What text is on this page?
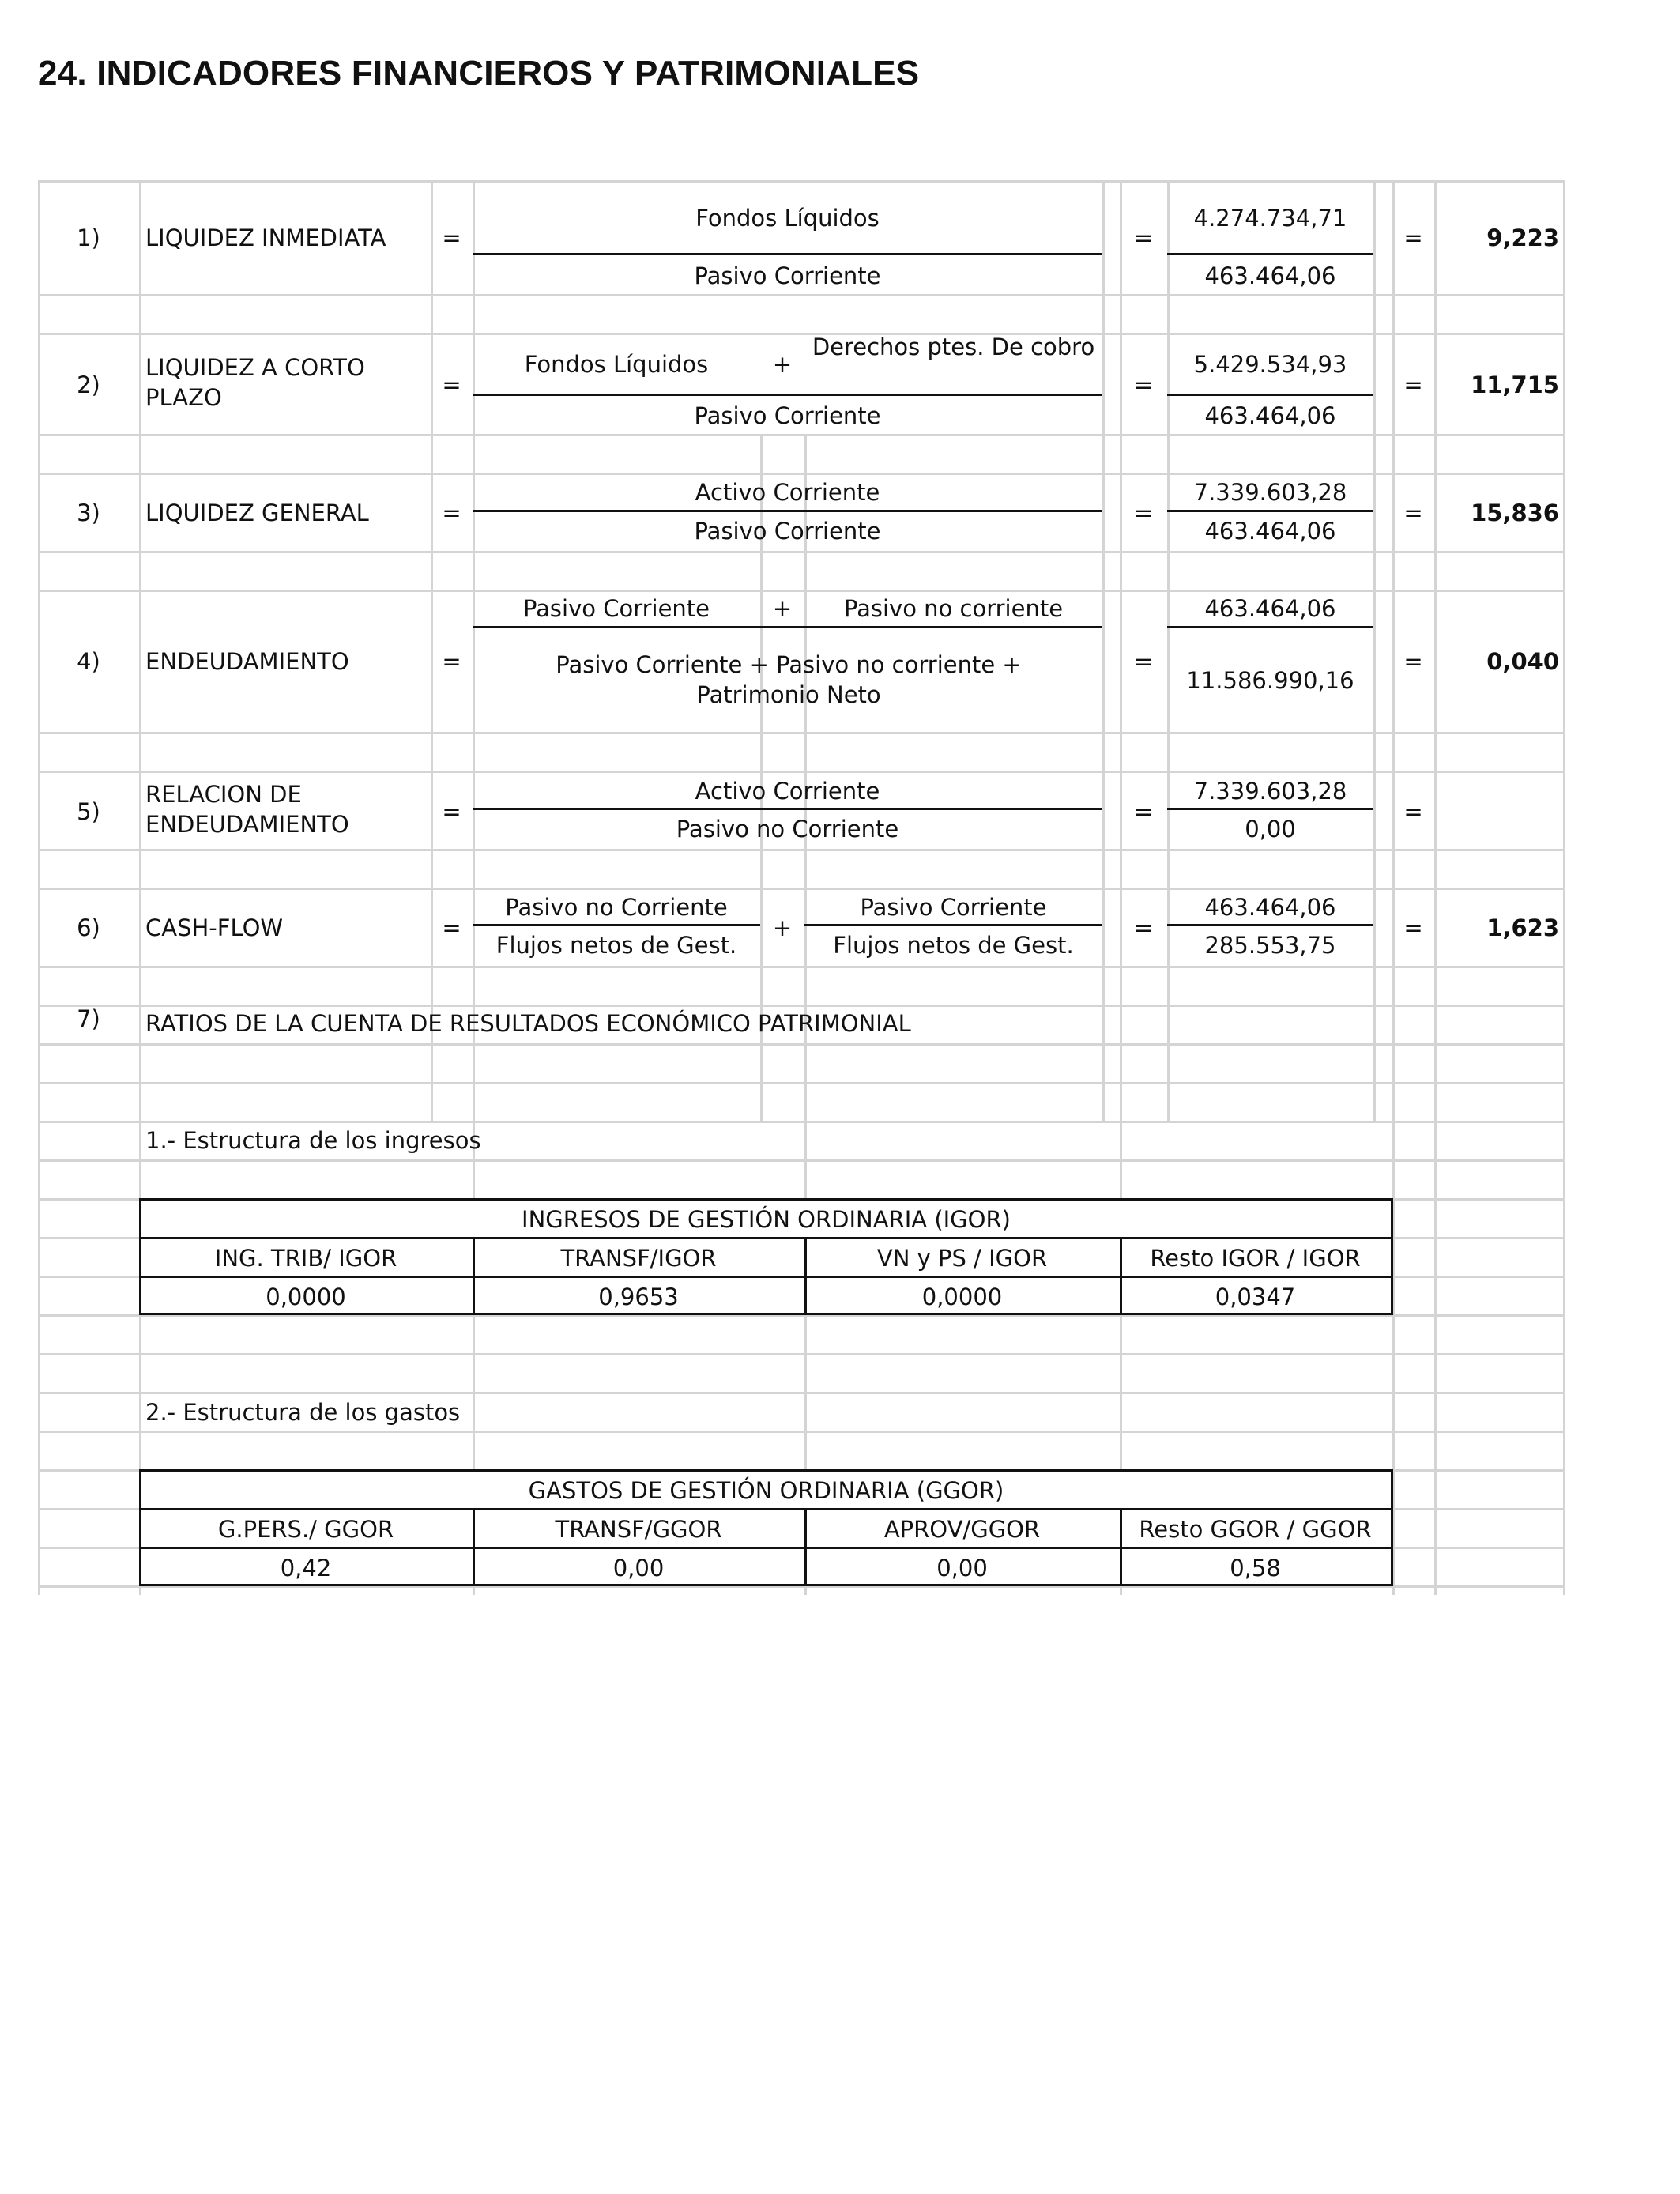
24. INDICADORES FINANCIEROS Y PATRIMONIALES
1)	LIQUIDEZ INMEDIATA	=
Fondos Líquidos
Pasivo Corriente
=
4.274.734,71
463.464,06
=	9,223
2)
LIQUIDEZ A CORTO PLAZO	=
Fondos Líquidos	+
Derechos ptes. De cobro
Pasivo Corriente
=
5.429.534,93
463.464,06
=	11,715
3)	LIQUIDEZ GENERAL	=
Activo Corriente
Pasivo Corriente
=
7.339.603,28
463.464,06
=	15,836
4)	ENDEUDAMIENTO	=
Pasivo Corriente	+	Pasivo no corriente
Pasivo Corriente + Pasivo no corriente + Patrimonio Neto
=
463.464,06
11.586.990,16
=	0,040
5)
RELACION DE ENDEUDAMIENTO	=
Activo Corriente
Pasivo no Corriente
=
7.339.603,28
0,00
=
6)	CASH-FLOW	=
Pasivo no Corriente
Flujos netos de Gest.
+
Pasivo Corriente
Flujos netos de Gest.
=
463.464,06
285.553,75
=	1,623
7)	RATIOS DE LA CUENTA DE RESULTADOS ECONÓMICO PATRIMONIAL
1.- Estructura de los ingresos
INGRESOS DE GESTIÓN ORDINARIA (IGOR)
ING. TRIB/ IGOR	TRANSF/IGOR	VN y PS / IGOR	Resto IGOR / IGOR
0,0000	0,9653	0,0000	0,0347
2.- Estructura de los gastos
GASTOS DE GESTIÓN ORDINARIA (GGOR)
G.PERS./ GGOR	TRANSF/GGOR	APROV/GGOR	Resto GGOR / GGOR
0,42	0,00	0,00	0,58
